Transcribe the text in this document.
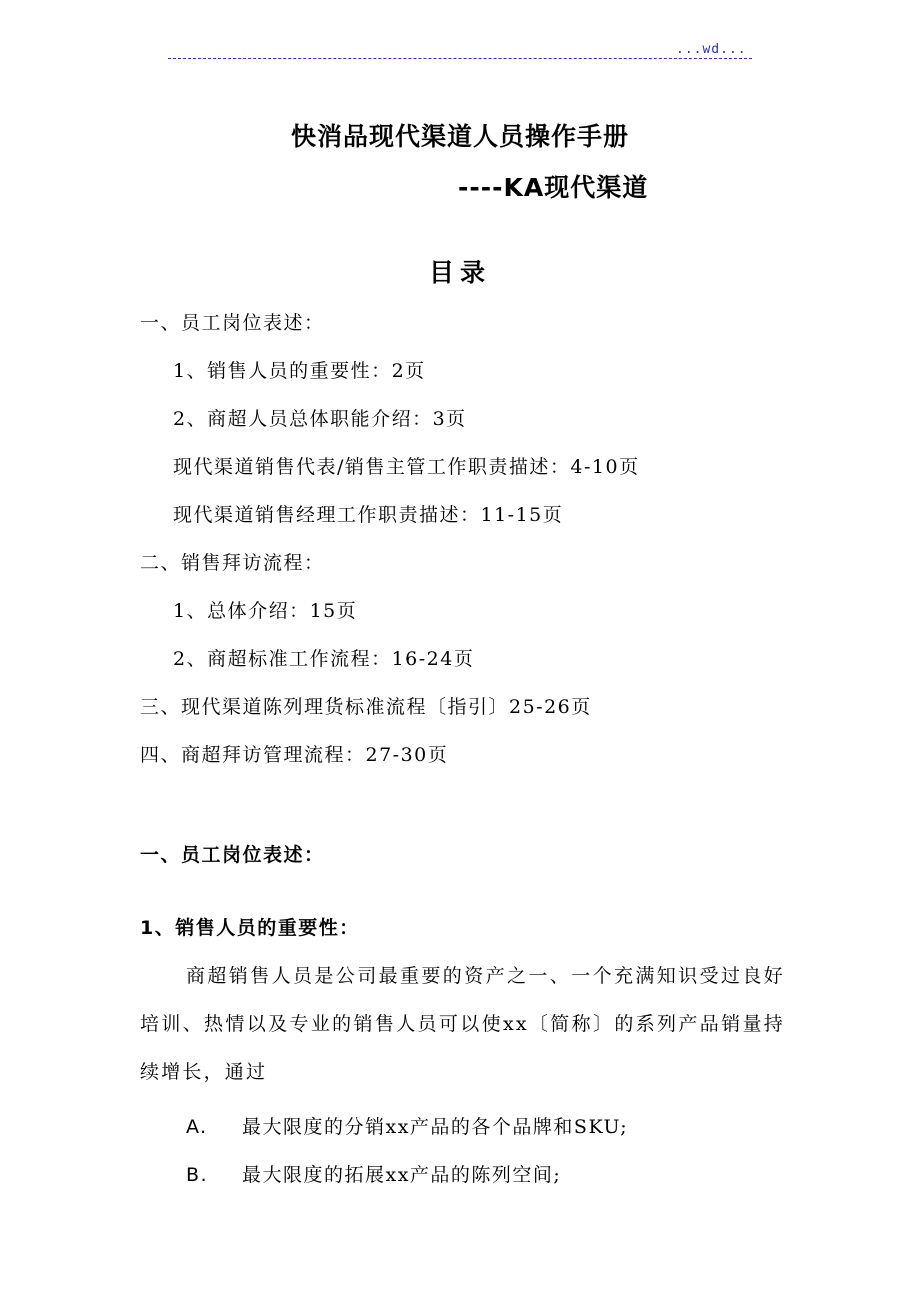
...wd...
快消品现代渠道人员操作手册
----KA现代渠道
目录
一、员工岗位表述：
1、销售人员的重要性：2页
2、商超人员总体职能介绍：3页
现代渠道销售代表/销售主管工作职责描述：4-10页
现代渠道销售经理工作职责描述：11-15页
二、销售拜访流程：
1、总体介绍：15页
2、商超标准工作流程：16-24页
三、现代渠道陈列理货标准流程〔指引〕25-26页
四、商超拜访管理流程：27-30页
一、员工岗位表述：
1、销售人员的重要性：
商超销售人员是公司最重要的资产之一、一个充满知识受过良好培训、热情以及专业的销售人员可以使xx〔简称〕的系列产品销量持续增长，通过
A. 最大限度的分销xx产品的各个品牌和SKU;
B. 最大限度的拓展xx产品的陈列空间;
